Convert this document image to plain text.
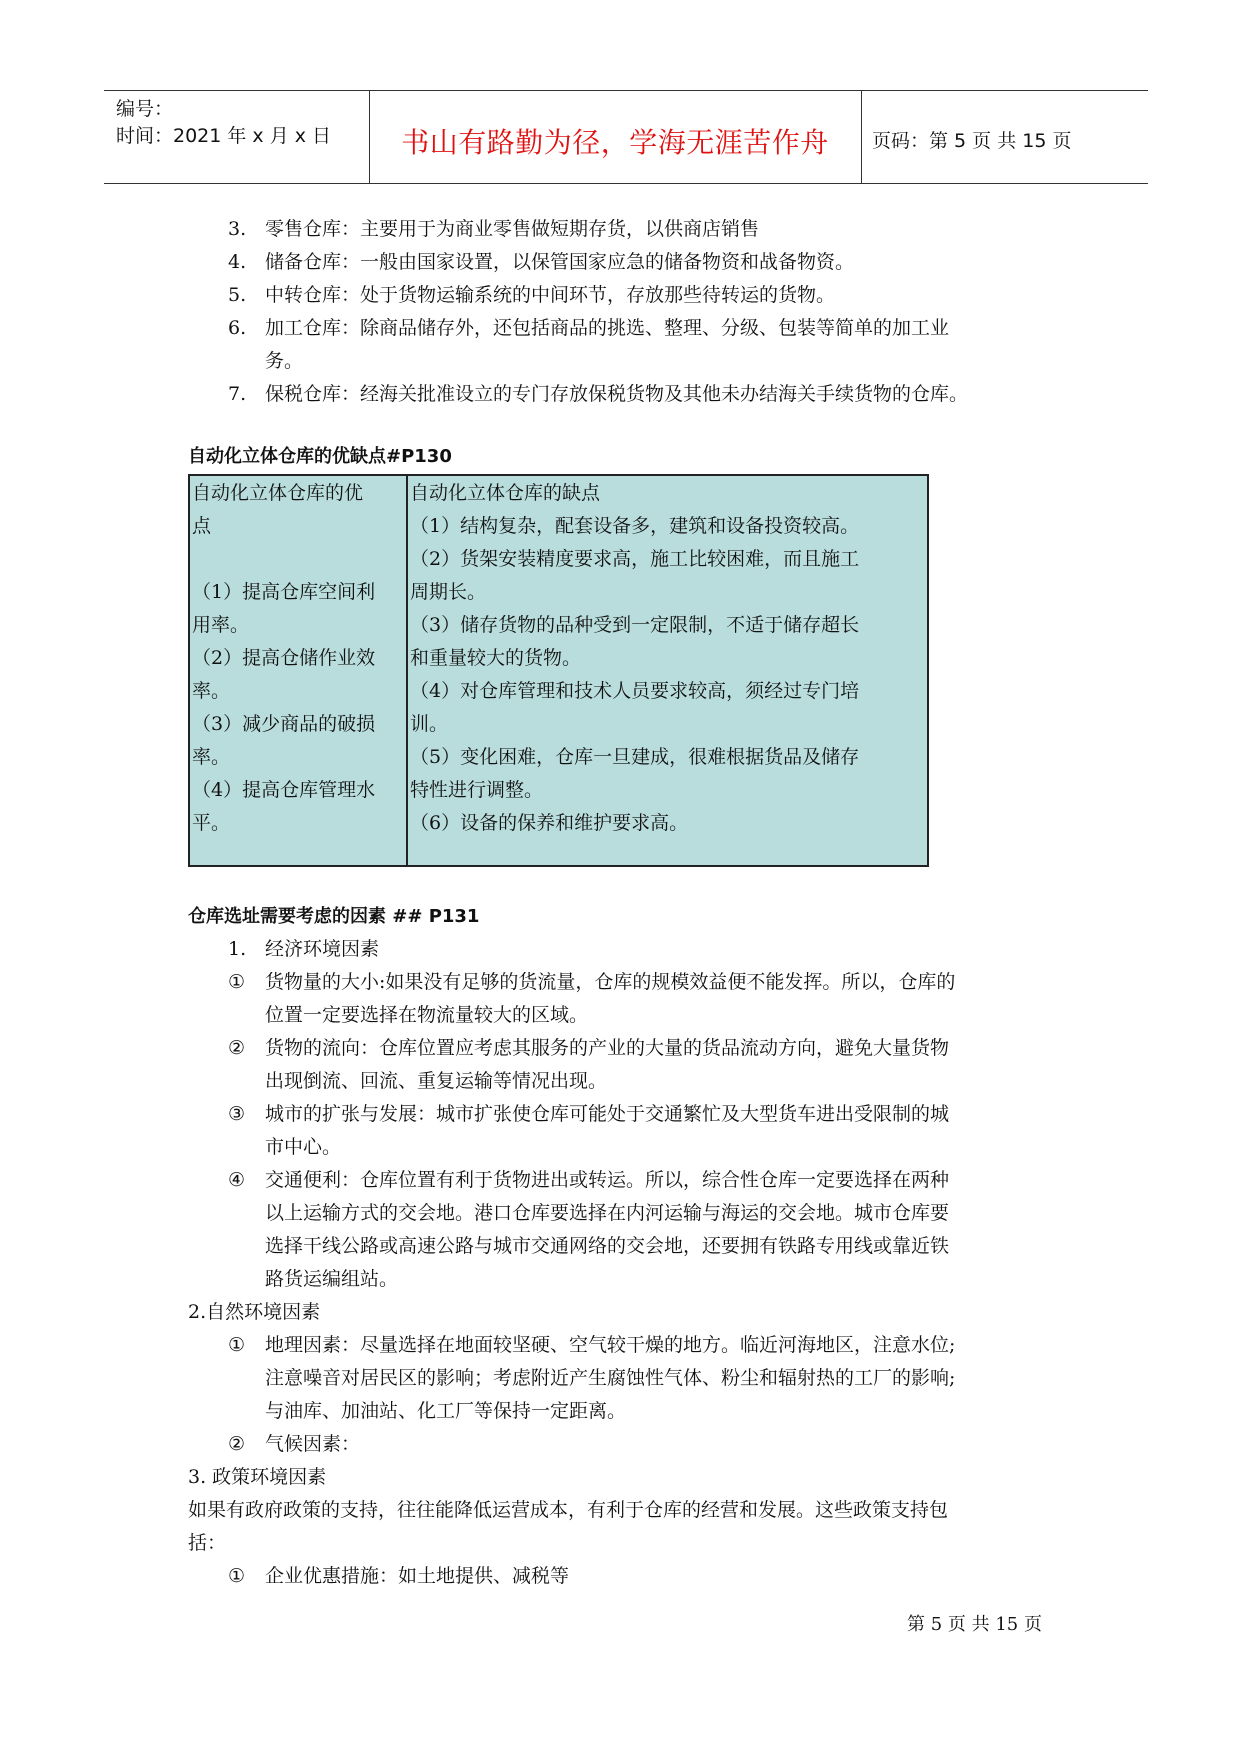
编号：
时间：2021 年 x 月 x 日	书山有路勤为径，学海无涯苦作舟	页码：第 5 页 共 15 页
3. 零售仓库：主要用于为商业零售做短期存货，以供商店销售
4. 储备仓库：一般由国家设置，以保管国家应急的储备物资和战备物资。
5. 中转仓库：处于货物运输系统的中间环节，存放那些待转运的货物。
6. 加工仓库：除商品储存外，还包括商品的挑选、整理、分级、包装等简单的加工业
务。
7. 保税仓库：经海关批准设立的专门存放保税货物及其他未办结海关手续货物的仓库。
自动化立体仓库的优缺点#P130
自动化立体仓库的优
点
（1）提高仓库空间利
用率。
（2）提高仓储作业效
率。
（3）减少商品的破损
率。
（4）提高仓库管理水
平。
自动化立体仓库的缺点
（1）结构复杂，配套设备多，建筑和设备投资较高。
（2）货架安装精度要求高，施工比较困难，而且施工
周期长。
（3）储存货物的品种受到一定限制，不适于储存超长
和重量较大的货物。
（4）对仓库管理和技术人员要求较高，须经过专门培
训。
（5）变化困难，仓库一旦建成，很难根据货品及储存
特性进行调整。
（6）设备的保养和维护要求高。
仓库选址需要考虑的因素 ## P131
1. 经济环境因素
① 货物量的大小:如果没有足够的货流量，仓库的规模效益便不能发挥。所以，仓库的
位置一定要选择在物流量较大的区域。
② 货物的流向：仓库位置应考虑其服务的产业的大量的货品流动方向，避免大量货物
出现倒流、回流、重复运输等情况出现。
③ 城市的扩张与发展：城市扩张使仓库可能处于交通繁忙及大型货车进出受限制的城
市中心。
④ 交通便利：仓库位置有利于货物进出或转运。所以，综合性仓库一定要选择在两种
以上运输方式的交会地。港口仓库要选择在内河运输与海运的交会地。城市仓库要
选择干线公路或高速公路与城市交通网络的交会地，还要拥有铁路专用线或靠近铁
路货运编组站。
2.自然环境因素
① 地理因素：尽量选择在地面较坚硬、空气较干燥的地方。临近河海地区，注意水位;
注意噪音对居民区的影响；考虑附近产生腐蚀性气体、粉尘和辐射热的工厂的影响;
与油库、加油站、化工厂等保持一定距离。
② 气候因素：
3. 政策环境因素
如果有政府政策的支持，往往能降低运营成本，有利于仓库的经营和发展。这些政策支持包
括：
① 企业优惠措施：如土地提供、减税等
第 5 页 共 15 页
